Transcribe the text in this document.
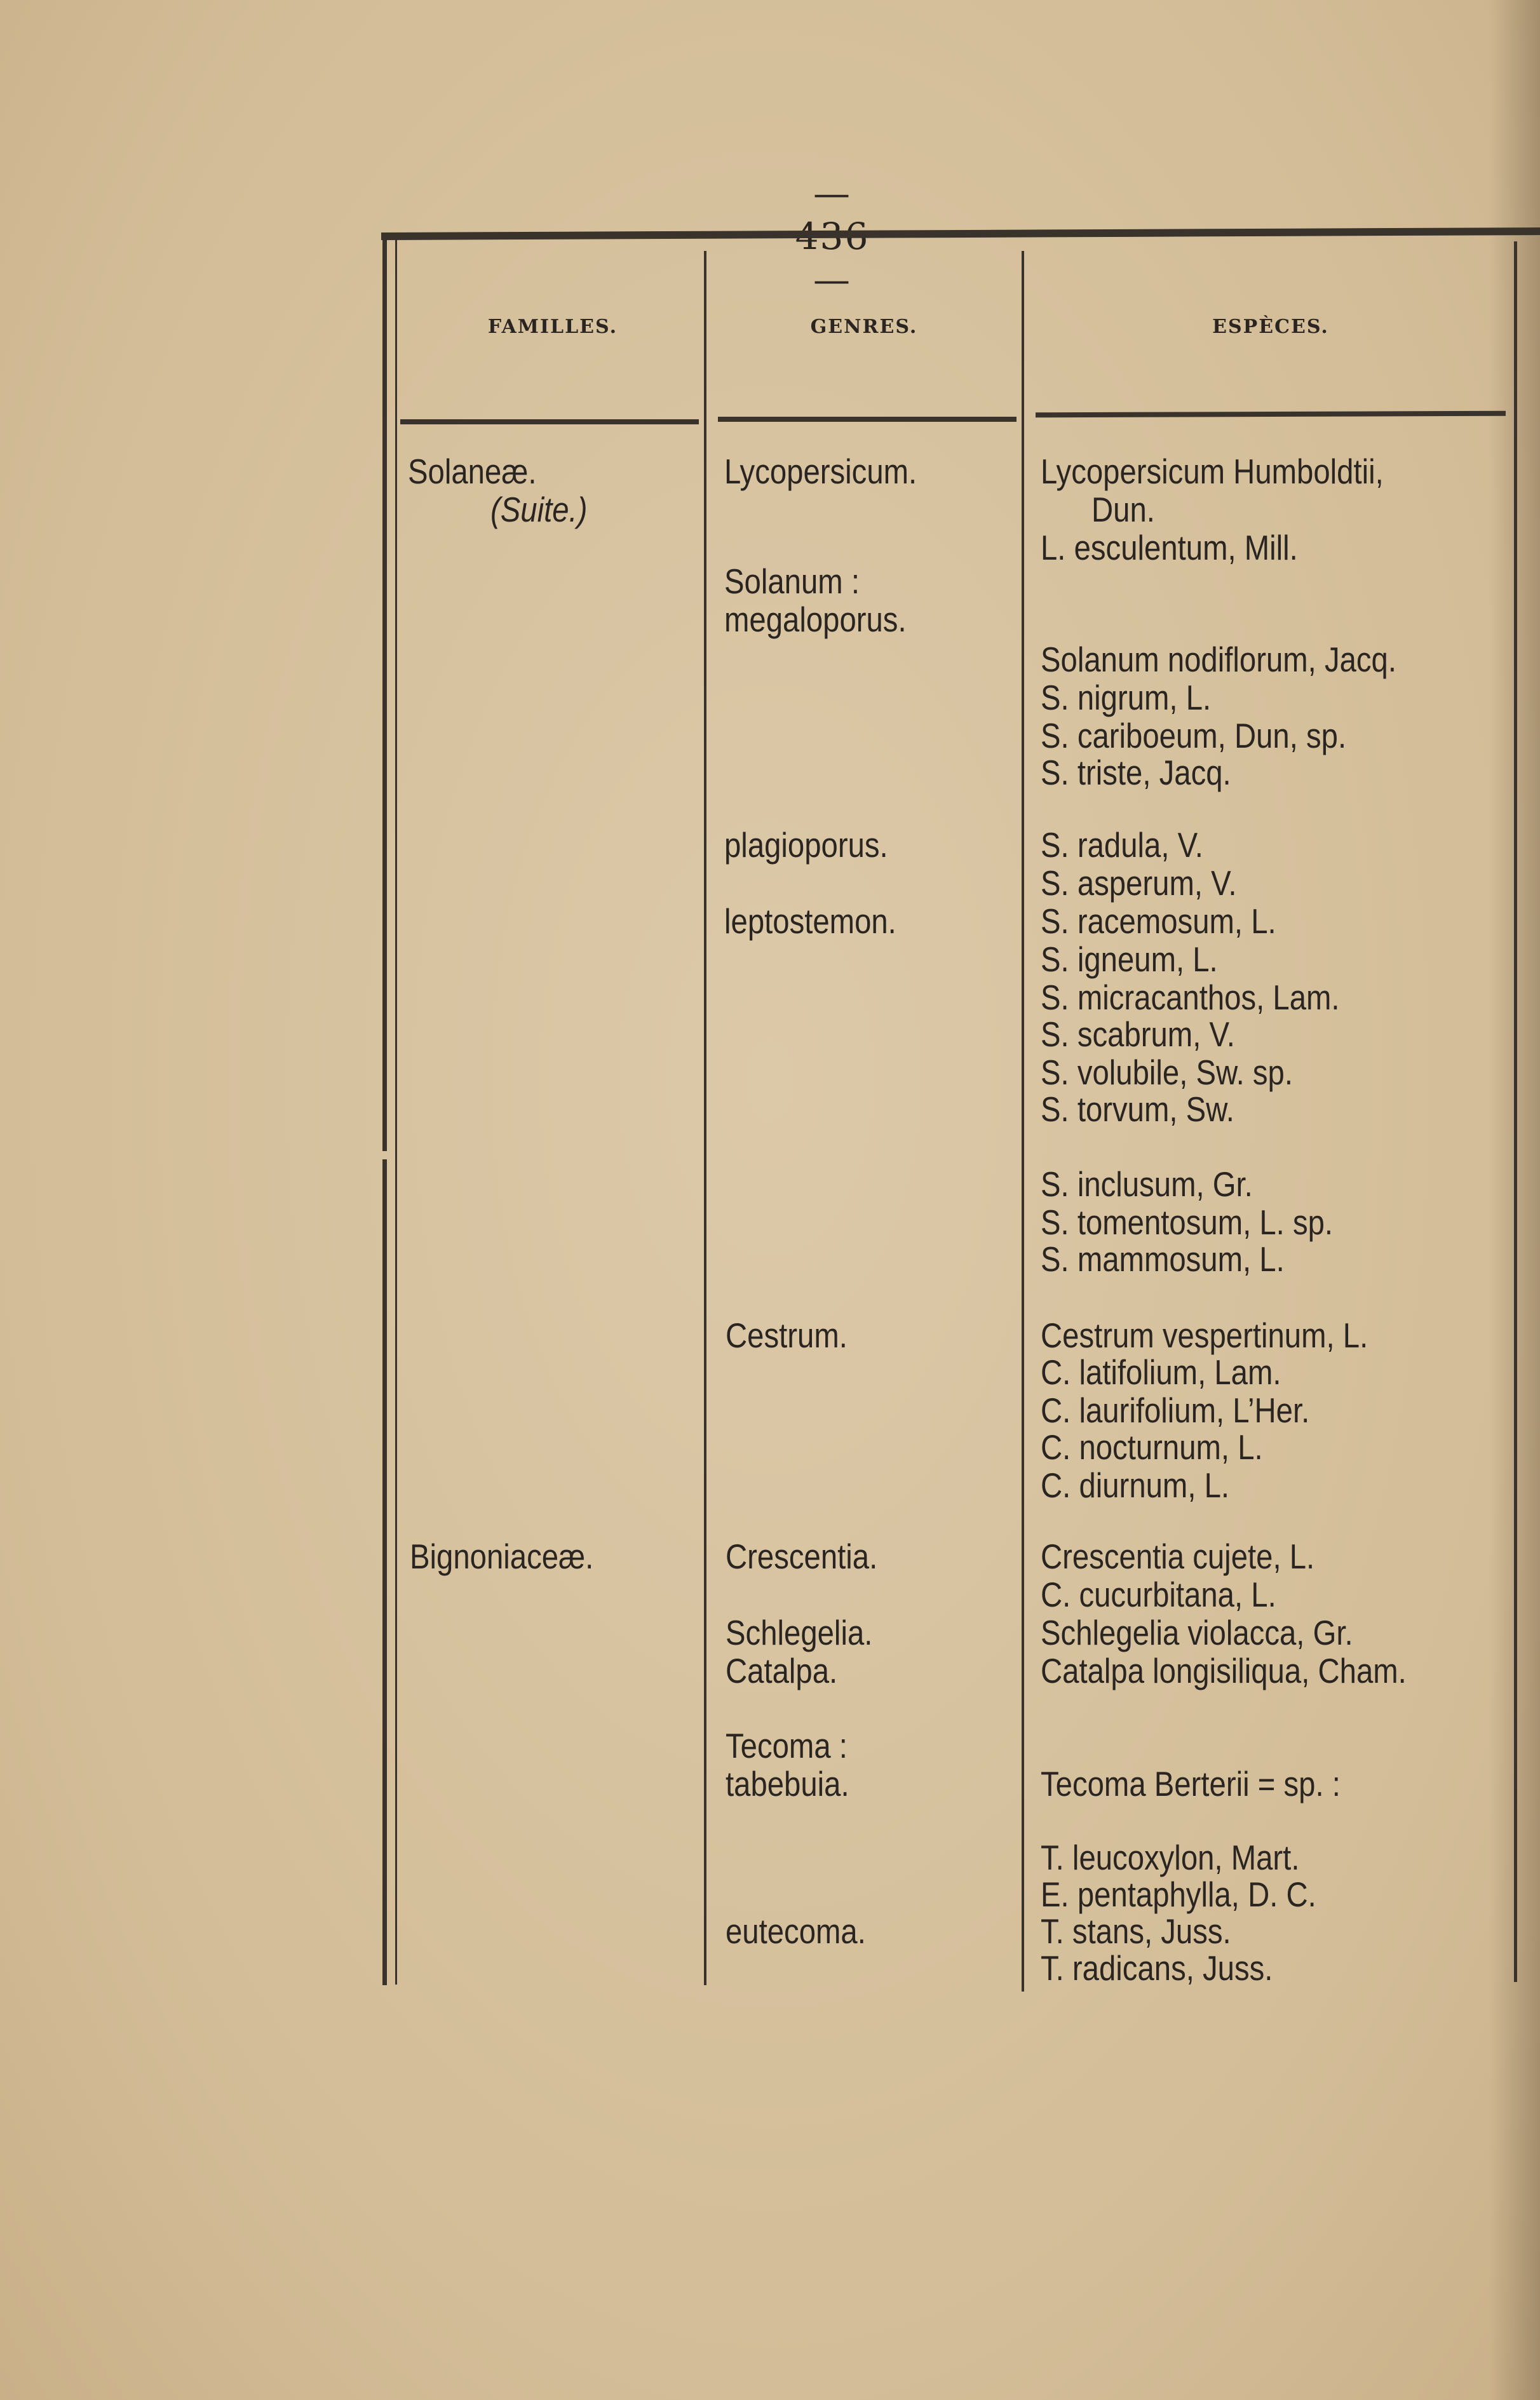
— —
FAMILLES.	GENRES.	ESPÈCES.
Solaneæ.
(Suite.)
Bignoniaceæ.
Lycopersicum.
Solanum :
megaloporus.
plagioporus.
leptostemon.
Cestrum.
Crescentia.
Schlegelia.
Catalpa.
Tecoma :
tabebuia.
eutecoma.
Lycopersicum Humboldtii,
Dun.
L. esculentum, Mill.
Solanum nodiflorum, Jacq.
S. nigrum, L.
S. cariboeum, Dun, sp.
S. triste, Jacq.
S. radula, V.
S. asperum, V.
S. racemosum, L.
S. igneum, L.
S. micracanthos, Lam.
S. scabrum, V.
S. volubile, Sw. sp.
S. torvum, Sw.
S. inclusum, Gr.
S. tomentosum, L. sp.
S. mammosum, L.
Cestrum vespertinum, L.
C. latifolium, Lam.
C. laurifolium, L’Her.
C. nocturnum, L.
C. diurnum, L.
Crescentia cujete, L.
C. cucurbitana, L.
Schlegelia violacca, Gr.
Catalpa longisiliqua, Cham.
Tecoma Berterii = sp. :
T. leucoxylon, Mart.
E. pentaphylla, D. C.
T. stans, Juss.
T. radicans, Juss.
